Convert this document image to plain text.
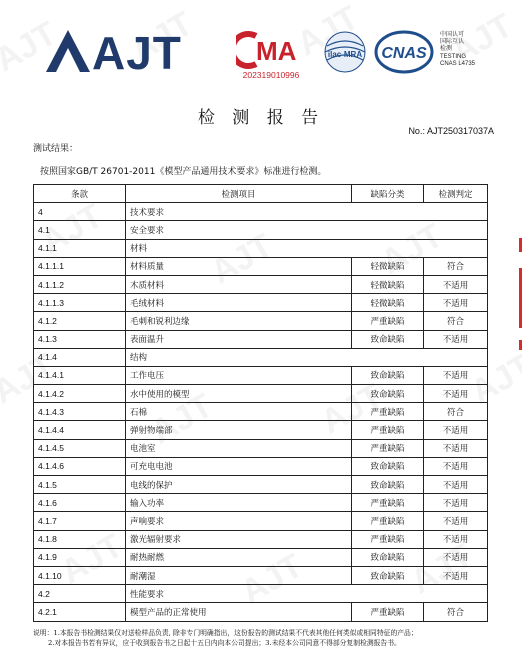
AJT	MA
202319010996
ilac-MRA CNAS
中国认可
国际互认
检测
TESTING
CNAS L4735
检 测 报 告
No.: AJT250317037A
测试结果：
按照国家GB/T 26701-2011《模型产品通用技术要求》标准进行检测。
条款	检测项目	缺陷分类	检测判定
4	技术要求		
4.1	安全要求		
4.1.1	材料		
4.1.1.1	材料质量	轻微缺陷	符合
4.1.1.2	木质材料	轻微缺陷	不适用
4.1.1.3	毛绒材料	轻微缺陷	不适用
4.1.2	毛刺和锐利边缘	严重缺陷	符合
4.1.3	表面温升	致命缺陷	不适用
4.1.4	结构		
4.1.4.1	工作电压	致命缺陷	不适用
4.1.4.2	水中使用的模型	致命缺陷	不适用
4.1.4.3	石棉	严重缺陷	符合
4.1.4.4	弹射物端部	严重缺陷	不适用
4.1.4.5	电池室	严重缺陷	不适用
4.1.4.6	可充电电池	致命缺陷	不适用
4.1.5	电线的保护	致命缺陷	不适用
4.1.6	输入功率	严重缺陷	不适用
4.1.7	声响要求	严重缺陷	不适用
4.1.8	激光辐射要求	严重缺陷	不适用
4.1.9	耐热耐燃	致命缺陷	不适用
4.1.10	耐潮湿	致命缺陷	不适用
4.2	性能要求		
4.2.1	模型产品的正常使用	严重缺陷	符合
说明：1.本报告书检测结果仅对送检样品负责, 除非专门明确指出，这份报告的测试结果不代表其他任何类似或相同特征的产品；
2.对本报告书若有异议，应于收到报告书之日起十五日内向本公司提出；3.未经本公司同意不得部分复制检测报告书。
